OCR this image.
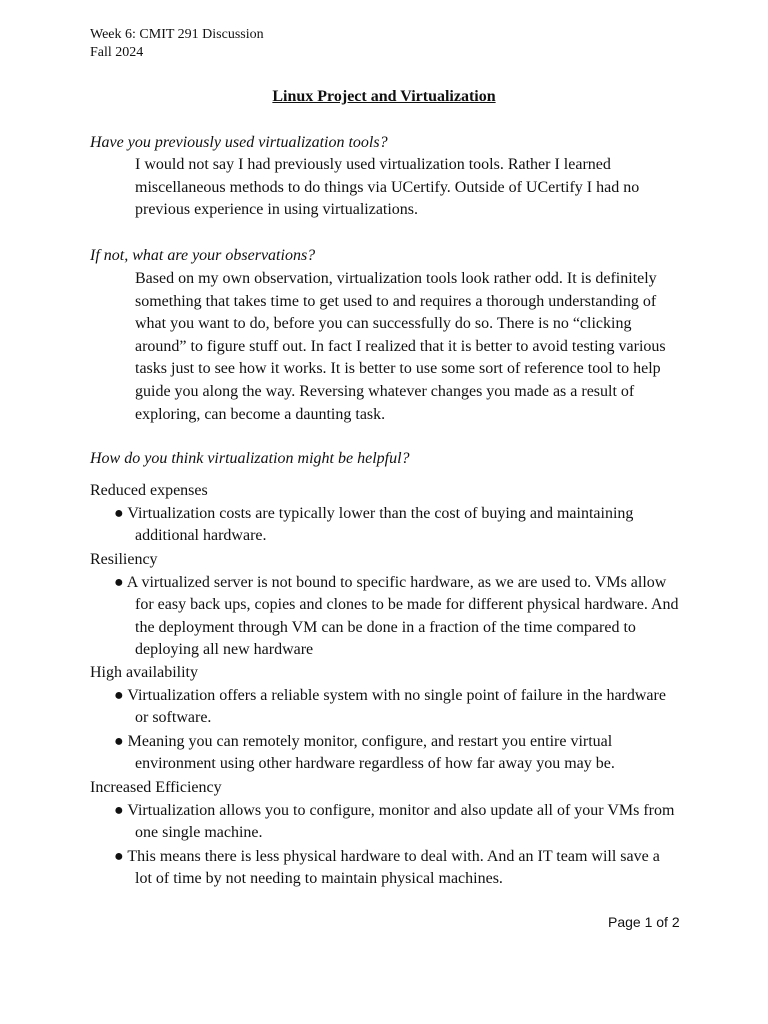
Week 6: CMIT 291 Discussion
Fall 2024
Linux Project and Virtualization
Have you previously used virtualization tools?
I would not say I had previously used virtualization tools. Rather I learned miscellaneous methods to do things via UCertify. Outside of UCertify I had no previous experience in using virtualizations.
If not, what are your observations?
Based on my own observation, virtualization tools look rather odd. It is definitely something that takes time to get used to and requires a thorough understanding of what you want to do, before you can successfully do so. There is no “clicking around” to figure stuff out. In fact I realized that it is better to avoid testing various tasks just to see how it works. It is better to use some sort of reference tool to help guide you along the way. Reversing whatever changes you made as a result of exploring, can become a daunting task.
How do you think virtualization might be helpful?
Reduced expenses
● Virtualization costs are typically lower than the cost of buying and maintaining additional hardware.
Resiliency
● A virtualized server is not bound to specific hardware, as we are used to. VMs allow for easy back ups, copies and clones to be made for different physical hardware. And the deployment through VM can be done in a fraction of the time compared to deploying all new hardware
High availability
● Virtualization offers a reliable system with no single point of failure in the hardware or software.
● Meaning you can remotely monitor, configure, and restart you entire virtual environment using other hardware regardless of how far away you may be.
Increased Efficiency
● Virtualization allows you to configure, monitor and also update all of your VMs from one single machine.
● This means there is less physical hardware to deal with. And an IT team will save a lot of time by not needing to maintain physical machines.
Page 1 of 2
